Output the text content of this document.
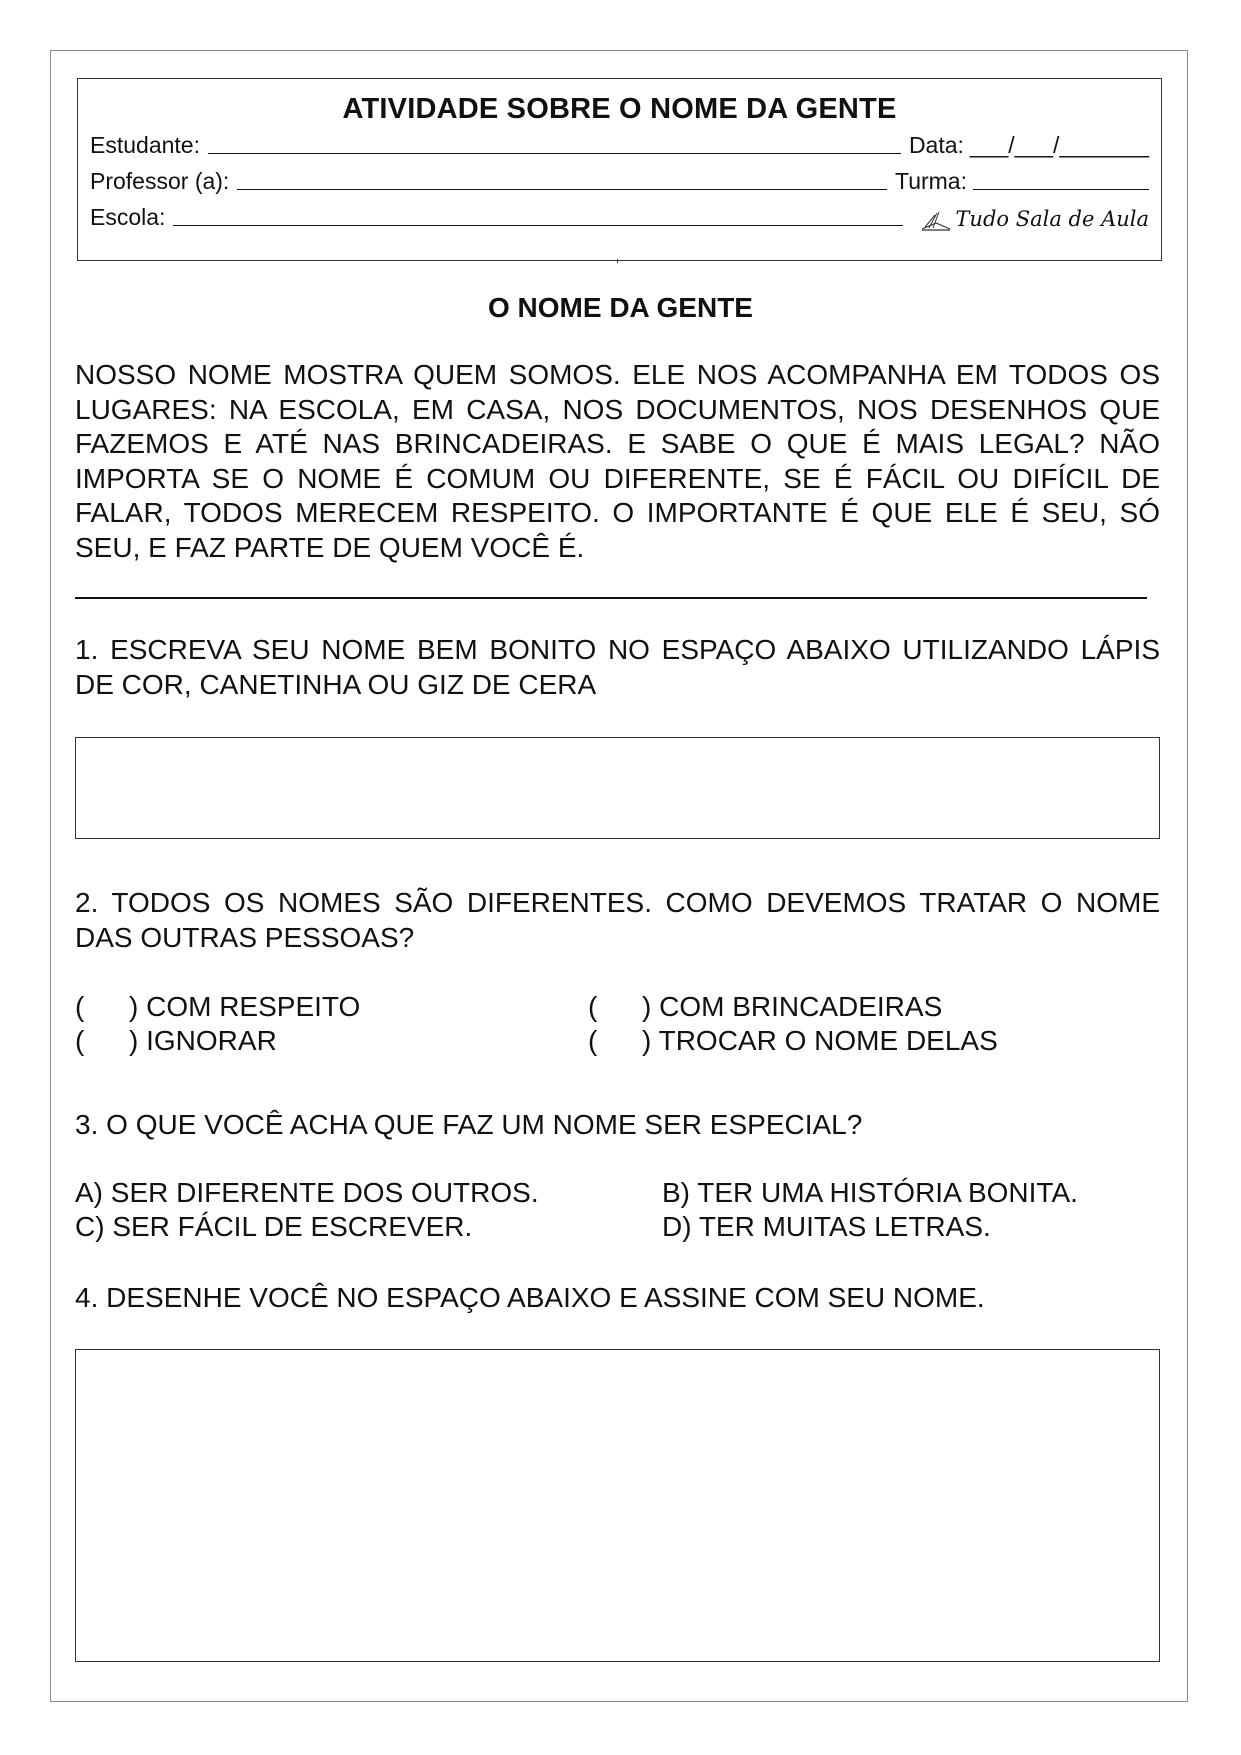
ATIVIDADE SOBRE O NOME DA GENTE
Estudante:	Data: ___/___/_______
Professor (a):	Turma:
Escola:	Tudo Sala de Aula
O NOME DA GENTE
NOSSO NOME MOSTRA QUEM SOMOS. ELE NOS ACOMPANHA EM TODOS OS LUGARES: NA ESCOLA, EM CASA, NOS DOCUMENTOS, NOS DESENHOS QUE FAZEMOS E ATÉ NAS BRINCADEIRAS. E SABE O QUE É MAIS LEGAL? NÃO IMPORTA SE O NOME É COMUM OU DIFERENTE, SE É FÁCIL OU DIFÍCIL DE FALAR, TODOS MERECEM RESPEITO. O IMPORTANTE É QUE ELE É SEU, SÓ SEU, E FAZ PARTE DE QUEM VOCÊ É.
1. ESCREVA SEU NOME BEM BONITO NO ESPAÇO ABAIXO UTILIZANDO LÁPIS DE COR, CANETINHA OU GIZ DE CERA
2. TODOS OS NOMES SÃO DIFERENTES. COMO DEVEMOS TRATAR O NOME DAS OUTRAS PESSOAS?
( ) COM RESPEITO	( ) COM BRINCADEIRAS
( ) IGNORAR	( ) TROCAR O NOME DELAS
3. O QUE VOCÊ ACHA QUE FAZ UM NOME SER ESPECIAL?
A) SER DIFERENTE DOS OUTROS.	B) TER UMA HISTÓRIA BONITA.
C) SER FÁCIL DE ESCREVER.	D) TER MUITAS LETRAS.
4. DESENHE VOCÊ NO ESPAÇO ABAIXO E ASSINE COM SEU NOME.
